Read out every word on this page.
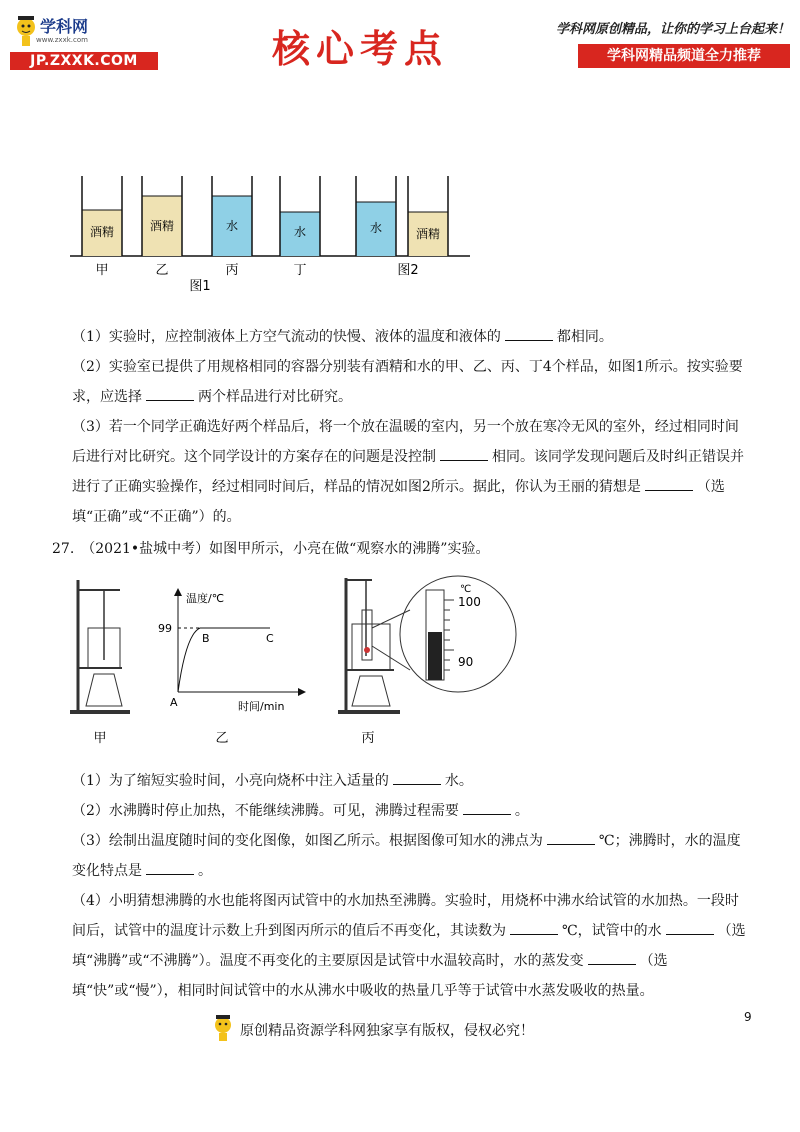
学科网
www.zxxk.com
JP.ZXXK.COM	核心考点	学科网原创精品，让你的学习上台起来！
学科网精品频道全力推荐
酒精
甲
酒精
乙
水
丙
水
丁
图1
水	酒精
图2

（1）实验时，应控制液体上方空气流动的快慢、液体的温度和液体的	都相同。

（2）实验室已提供了用规格相同的容器分别装有酒精和水的甲、乙、丙、丁4个样品，如图1所示。按实验要求，应选择	两个样品进行对比研究。

（3）若一个同学正确选好两个样品后，将一个放在温暖的室内，另一个放在寒冷无风的室外，经过相同时间后进行对比研究。这个同学设计的方案存在的问题是没控制	相同。该同学发现问题后及时纠正错误并进行了正确实验操作，经过相同时间后，样品的情况如图2所示。据此，你认为王丽的猜想是	（选填“正确”或“不正确”）的。

27.　（2021•盐城中考）如图甲所示，小亮在做“观察水的沸腾”实验。
甲
温度/℃
99
A
B	C
时间/min
乙	丙
℃
100
90

（1）为了缩短实验时间，小亮向烧杯中注入适量的	水。

（2）水沸腾时停止加热，不能继续沸腾。可见，沸腾过程需要	。

（3）绘制出温度随时间的变化图像，如图乙所示。根据图像可知水的沸点为	℃；沸腾时，水的温度变化特点是	。

（4）小明猜想沸腾的水也能将图丙试管中的水加热至沸腾。实验时，用烧杯中沸水给试管的水加热。一段时间后，试管中的温度计示数上升到图丙所示的值后不再变化，其读数为	℃，试管中的水	（选填“沸腾”或“不沸腾”）。温度不再变化的主要原因是试管中水温较高时，水的蒸发变	（选填“快”或“慢”），相同时间试管中的水从沸水中吸收的热量几乎等于试管中水蒸发吸收的热量。

原创精品资源学科网独家享有版权，侵权必究！
9
